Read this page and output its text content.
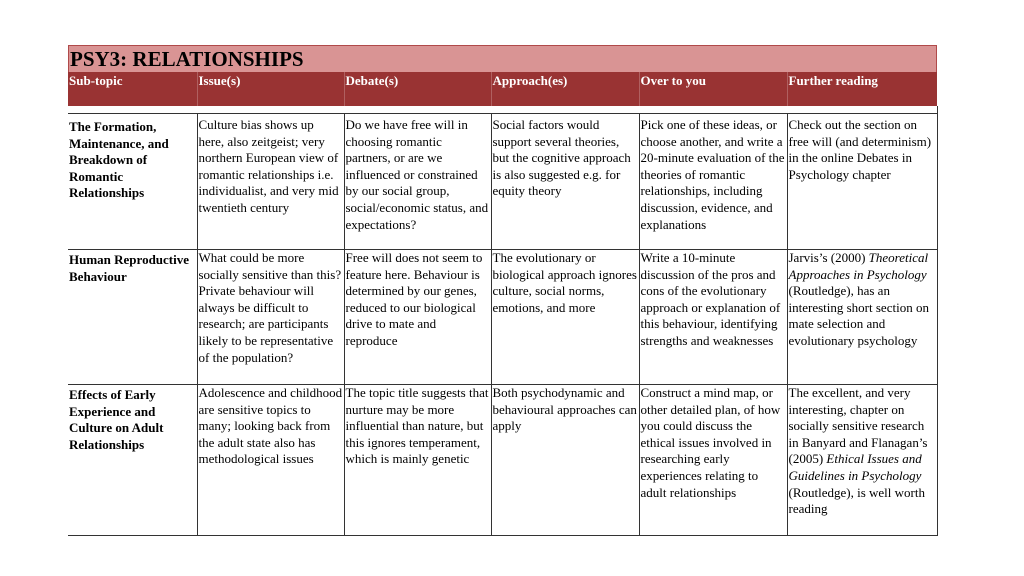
PSY3: RELATIONSHIPS
Sub-topic	Issue(s)	Debate(s)	Approach(es)	Over to you	Further reading

The Formation, Maintenance, and Breakdown of Romantic Relationships	Culture bias shows up here, also zeitgeist; very northern European view of romantic relationships i.e. individualist, and very mid twentieth century	Do we have free will in choosing romantic partners, or are we influenced or constrained by our social group, social/economic status, and expectations?	Social factors would support several theories, but the cognitive approach is also suggested e.g. for equity theory	Pick one of these ideas, or choose another, and write a 20-minute evaluation of the theories of romantic relationships, including discussion, evidence, and explanations	Check out the section on free will (and determinism) in the online Debates in Psychology chapter
Human Reproductive Behaviour	What could be more socially sensitive than this? Private behaviour will always be difficult to research; are participants likely to be representative of the population?	Free will does not seem to feature here. Behaviour is determined by our genes, reduced to our biological drive to mate and reproduce	The evolutionary or biological approach ignores culture, social norms, emotions, and more	Write a 10-minute discussion of the pros and cons of the evolutionary approach or explanation of this behaviour, identifying strengths and weaknesses	Jarvis’s (2000) Theoretical Approaches in Psychology (Routledge), has an interesting short section on mate selection and evolutionary psychology
Effects of Early Experience and Culture on Adult Relationships	Adolescence and childhood are sensitive topics to many; looking back from the adult state also has methodological issues	The topic title suggests that nurture may be more influential than nature, but this ignores temperament, which is mainly genetic	Both psychodynamic and behavioural approaches can apply	Construct a mind map, or other detailed plan, of how you could discuss the ethical issues involved in researching early experiences relating to adult relationships	The excellent, and very interesting, chapter on socially sensitive research in Banyard and Flanagan’s (2005) Ethical Issues and Guidelines in Psychology (Routledge), is well worth reading
